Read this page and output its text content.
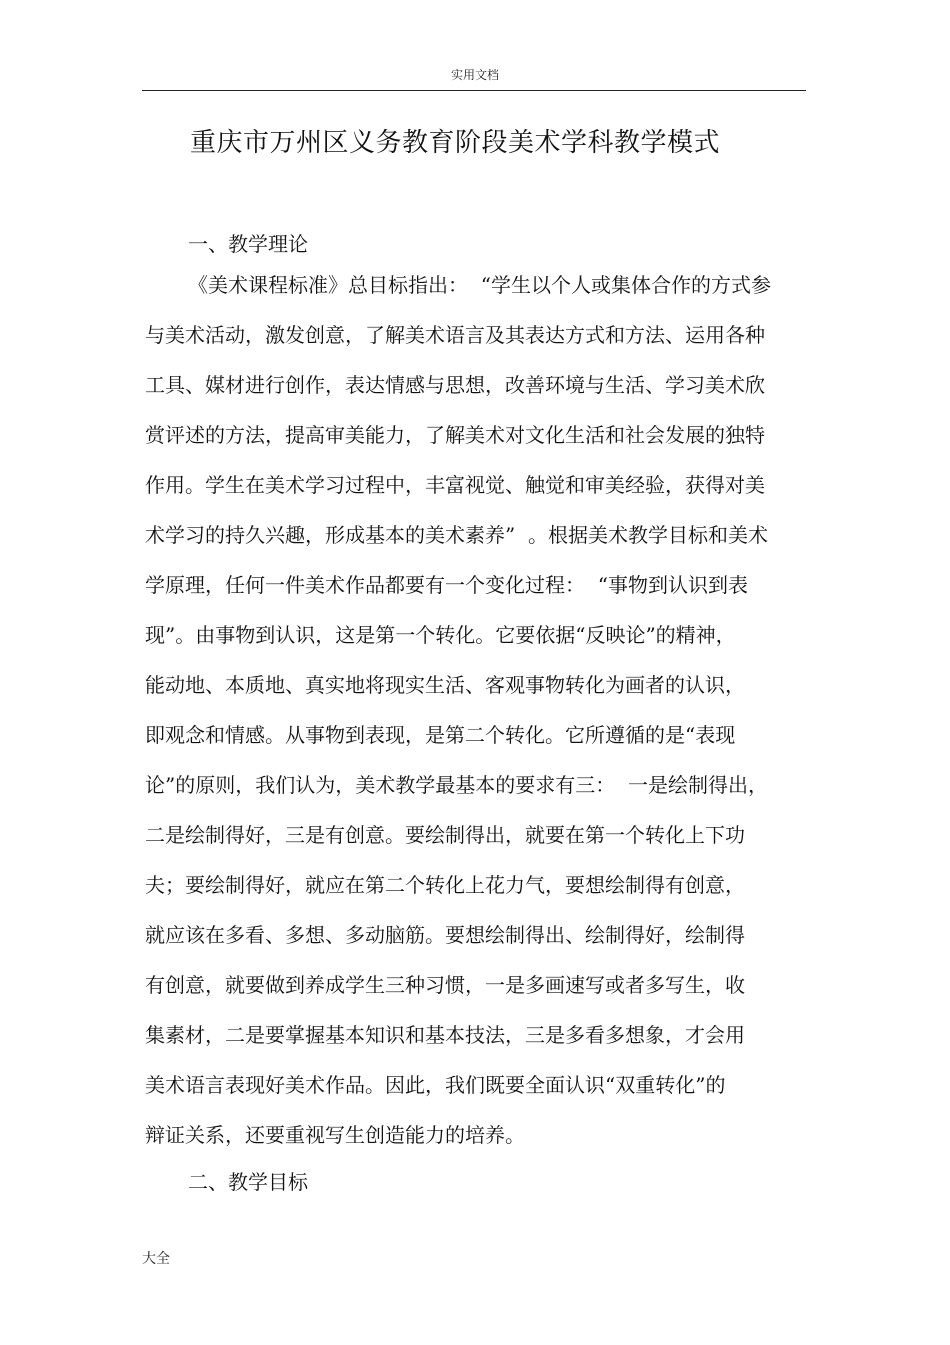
实用文档
重庆市万州区义务教育阶段美术学科教学模式
一、教学理论

《美术课程标准》总目标指出：  “学生以个人或集体合作的方式参

与美术活动，激发创意，了解美术语言及其表达方式和方法、运用各种

工具、媒材进行创作，表达情感与思想，改善环境与生活、学习美术欣

赏评述的方法，提高审美能力，了解美术对文化生活和社会发展的独特

作用。学生在美术学习过程中，丰富视觉、触觉和审美经验，获得对美

术学习的持久兴趣，形成基本的美术素养”  。根据美术教学目标和美术

学原理，任何一件美术作品都要有一个变化过程：  “事物到认识到表

现”。由事物到认识，这是第一个转化。它要依据“反映论”的精神，

能动地、本质地、真实地将现实生活、客观事物转化为画者的认识，

即观念和情感。从事物到表现，是第二个转化。它所遵循的是“表现

论”的原则，我们认为，美术教学最基本的要求有三：  一是绘制得出，

二是绘制得好，三是有创意。要绘制得出，就要在第一个转化上下功

夫；要绘制得好，就应在第二个转化上花力气，要想绘制得有创意，

就应该在多看、多想、多动脑筋。要想绘制得出、绘制得好，绘制得

有创意，就要做到养成学生三种习惯，一是多画速写或者多写生，收

集素材，二是要掌握基本知识和基本技法，三是多看多想象，才会用

美术语言表现好美术作品。因此，我们既要全面认识“双重转化”的

辩证关系，还要重视写生创造能力的培养。

二、教学目标
大全
